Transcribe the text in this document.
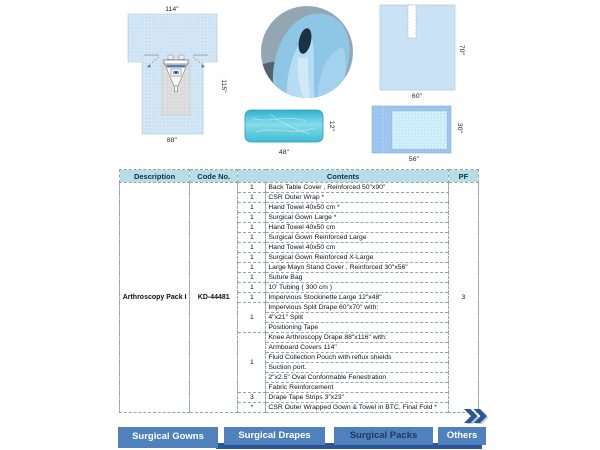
114''
88''
115''
48''
12''
60''
70''
56''
30''
Description	Code No.	Contents		PF
Arthroscopy Pack I	KD-44481	1	Back Table Cover , Reinforced 50"x90"	3
		1	CSR Outer Wrap *	
		1	Hand Towel 40x50 cm *	
		1	Surgical Gown Large *	
		1	Hand Towel 40x50 cm	
		1	Surgical Gown Reinforced Large	
		1	Hand Towel 40x50 cm	
		1	Surgical Gown Reinforced X-Large	
		1	Large Mayo Stand Cover , Reinforced 30"x56"	
		1	Suture Bag	
		1	10' Tubing ( 300 cm )	
		1	Impervious Stockinette Large 12"x48"	
		1	Impervious Split Drape 60"x70" with:	
			4"x21" Split	
			Positioning Tape	
		1	Knee Arthroscopy Drape 88"x116" with:	
			Armboard Covers 114"	
			Fluid Collection Pouch with reflux shields	
			Suction port.	
			2"x2.5" Oval Conformable Fenestration	
			Fabric Reinforcement	
		3	Drape Tape Strips 3"x23"	
		*	CSR Outer Wrapped Gown & Towel in BTC, Final Fold *	
Surgical Gowns	Surgical Drapes	Surgical Packs	Others
